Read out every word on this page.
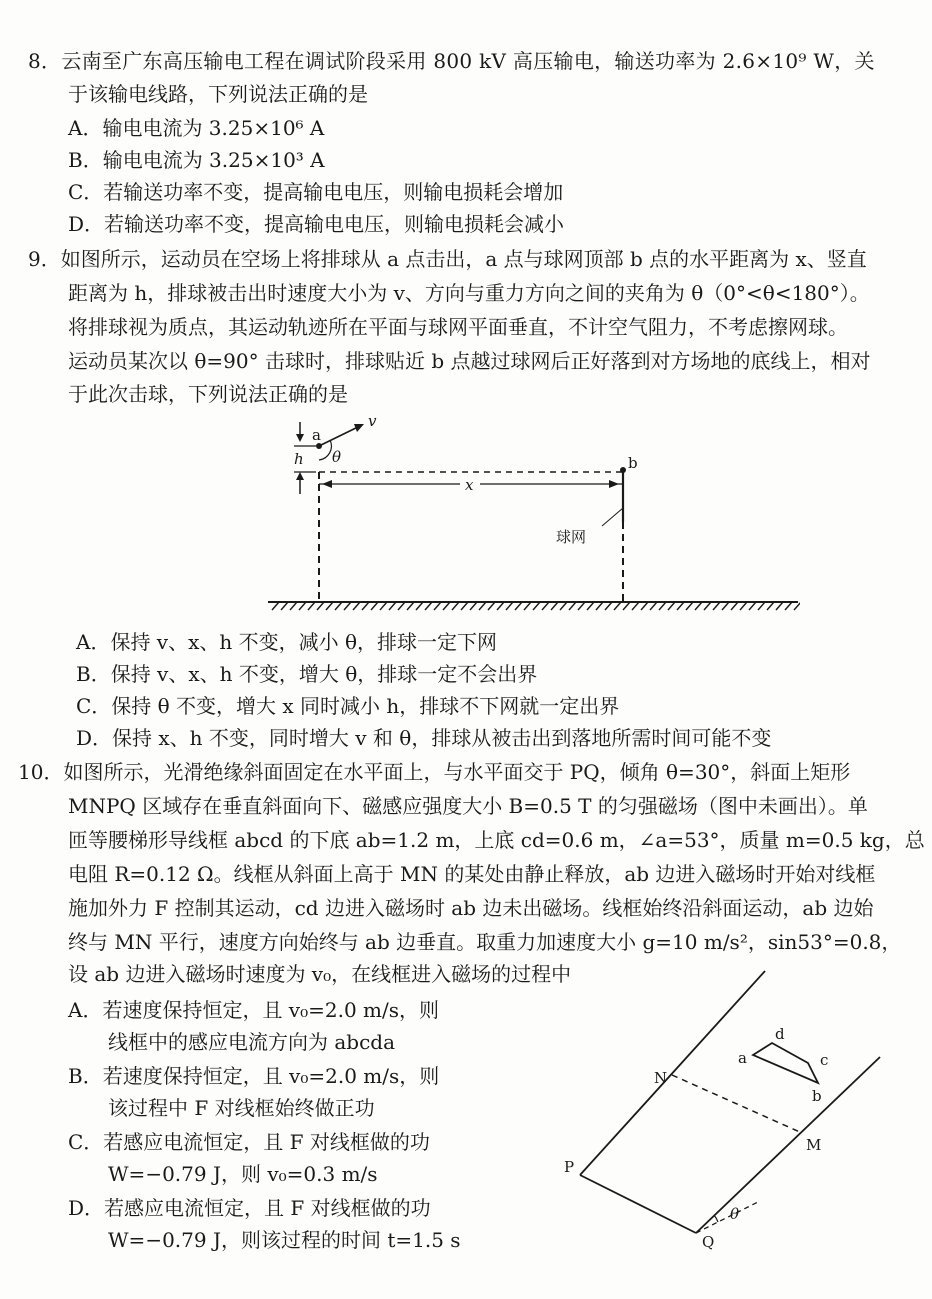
8．云南至广东高压输电工程在调试阶段采用 800 kV 高压输电，输送功率为 2.6×10⁹ W，关
于该输电线路，下列说法正确的是
A．输电电流为 3.25×10⁶ A
B．输电电流为 3.25×10³ A
C．若输送功率不变，提高输电电压，则输电损耗会增加
D．若输送功率不变，提高输电电压，则输电损耗会减小
9．如图所示，运动员在空场上将排球从 a 点击出，a 点与球网顶部 b 点的水平距离为 x、竖直
距离为 h，排球被击出时速度大小为 v、方向与重力方向之间的夹角为 θ（0°<θ<180°）。
将排球视为质点，其运动轨迹所在平面与球网平面垂直，不计空气阻力，不考虑擦网球。
运动员某次以 θ=90° 击球时，排球贴近 b 点越过球网后正好落到对方场地的底线上，相对
于此次击球，下列说法正确的是
h
a
v
θ	b
x
球网
A．保持 v、x、h 不变，减小 θ，排球一定下网
B．保持 v、x、h 不变，增大 θ，排球一定不会出界
C．保持 θ 不变，增大 x 同时减小 h，排球不下网就一定出界
D．保持 x、h 不变，同时增大 v 和 θ，排球从被击出到落地所需时间可能不变
10．如图所示，光滑绝缘斜面固定在水平面上，与水平面交于 PQ，倾角 θ=30°，斜面上矩形
MNPQ 区域存在垂直斜面向下、磁感应强度大小 B=0.5 T 的匀强磁场（图中未画出）。单
匝等腰梯形导线框 abcd 的下底 ab=1.2 m，上底 cd=0.6 m，∠a=53°，质量 m=0.5 kg，总
电阻 R=0.12 Ω。线框从斜面上高于 MN 的某处由静止释放，ab 边进入磁场时开始对线框
施加外力 F 控制其运动，cd 边进入磁场时 ab 边未出磁场。线框始终沿斜面运动，ab 边始
终与 MN 平行，速度方向始终与 ab 边垂直。取重力加速度大小 g=10 m/s²，sin53°=0.8，
设 ab 边进入磁场时速度为 v₀，在线框进入磁场的过程中
A．若速度保持恒定，且 v₀=2.0 m/s，则
线框中的感应电流方向为 abcda
B．若速度保持恒定，且 v₀=2.0 m/s，则
该过程中 F 对线框始终做正功
C．若感应电流恒定，且 F 对线框做的功
W=−0.79 J，则 v₀=0.3 m/s
D．若感应电流恒定，且 F 对线框做的功
W=−0.79 J，则该过程的时间 t=1.5 s
N
M
P
Q
a
d
c
b
θ
